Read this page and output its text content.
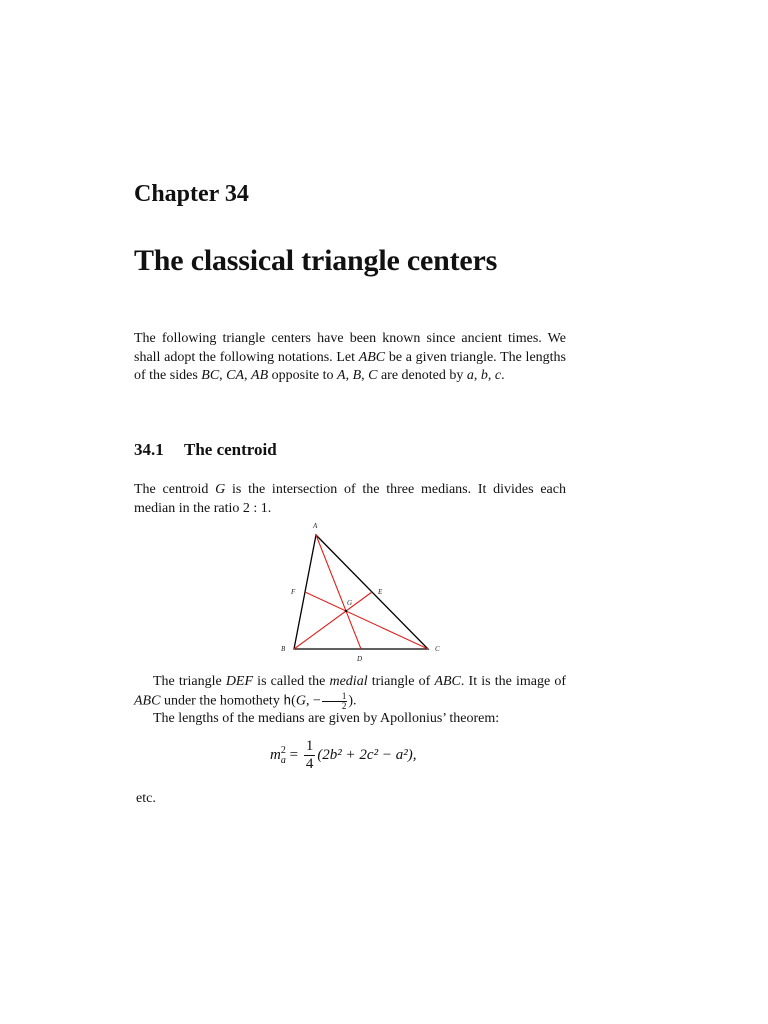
Chapter 34
The classical triangle centers

The following triangle centers have been known since ancient times. We shall adopt the following notations. Let ABC be a given triangle. The lengths of the sides BC, CA, AB opposite to A, B, C are denoted by a, b, c.

34.1 The centroid

The centroid G is the intersection of the three medians. It divides each median in the ratio 2 : 1.

A
B	C
D
E
F
G

The triangle DEF is called the medial triangle of ABC. It is the image of ABC under the homothety h(G, − $\frac{1}{2}$ ).

The lengths of the medians are given by Apollonius’ theorem:

m 2
$a = \frac{1}{4} (2b^2 + 2c^2 - a^2)$,

etc.
